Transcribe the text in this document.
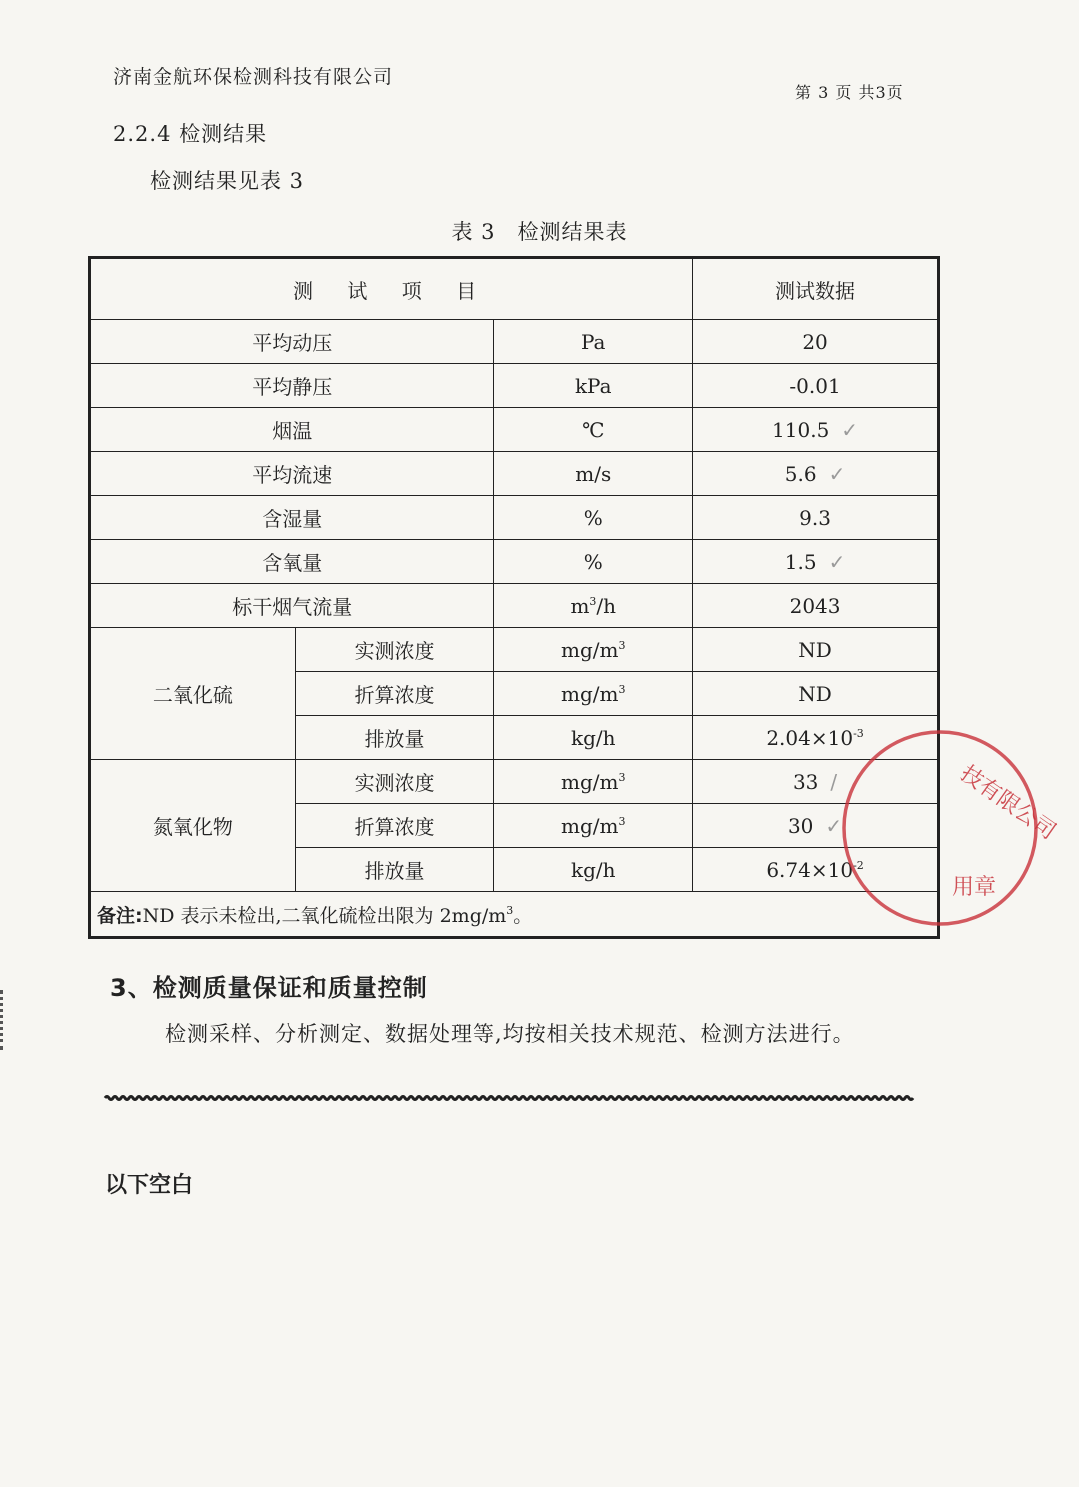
济南金航环保检测科技有限公司
第 3 页 共3页
2.2.4 检测结果
检测结果见表 3
表 3 检测结果表
测 试 项 目			测试数据
平均动压		Pa	20
平均静压		kPa	-0.01
烟温		℃	110.5 ✓
平均流速		m/s	5.6 ✓
含湿量		%	9.3
含氧量		%	1.5 ✓
标干烟气流量		$m^3/h$	2043
二氧化硫	实测浓度	$mg/m^3$	ND
	折算浓度	$mg/m^3$	ND
	排放量	kg/h	$2.04\times 10^{-3}$
氮氧化物	实测浓度	$mg/m^3$	33 /
	折算浓度	$mg/m^3$	30 ✓
	排放量	kg/h	$6.74\times 10^{-2}$
备注:ND 表示未检出,二氧化硫检出限为 $2mg/m^3$。			
技有限公司
用章
3、检测质量保证和质量控制
检测采样、分析测定、数据处理等,均按相关技术规范、检测方法进行。
以下空白
